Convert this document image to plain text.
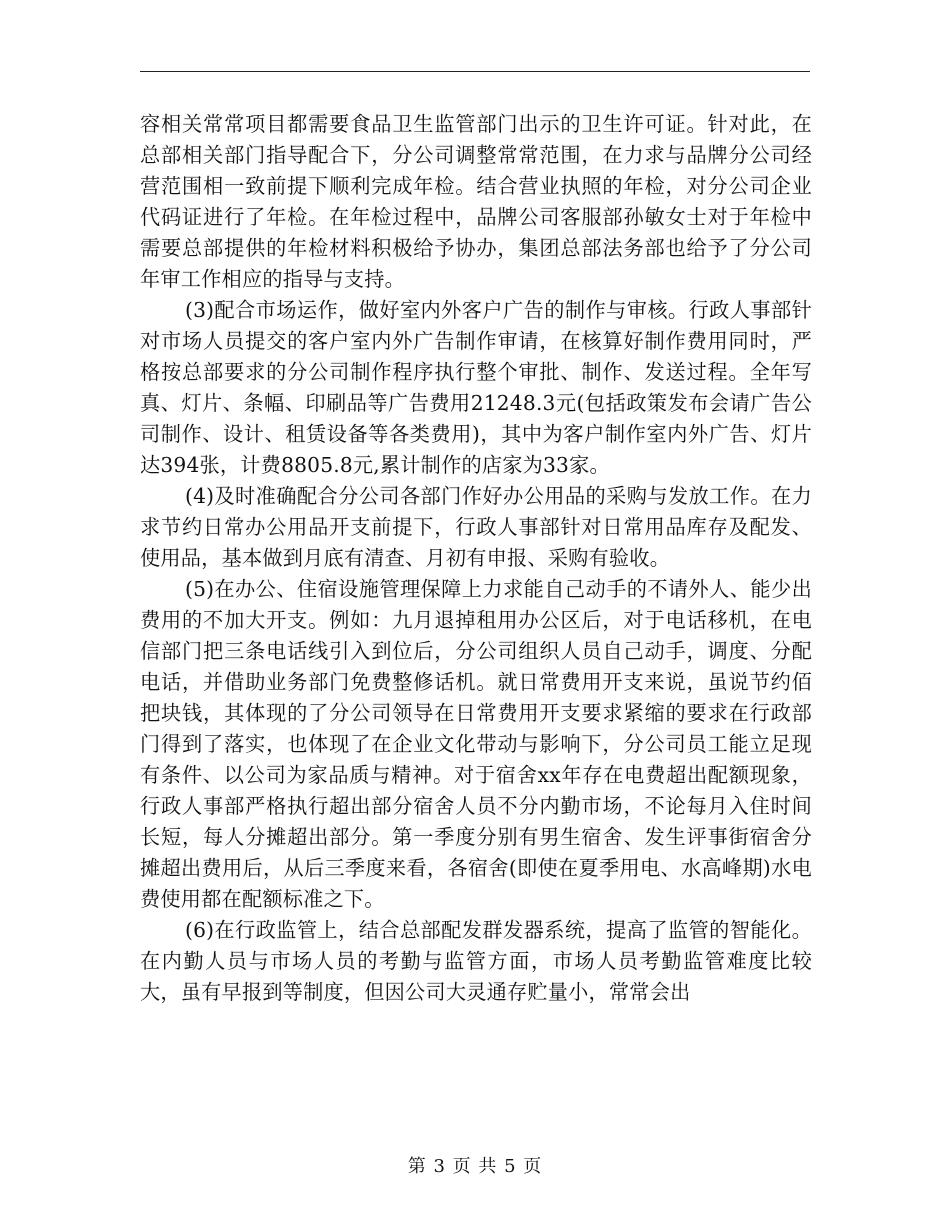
容相关常常项目都需要食品卫生监管部门出示的卫生许可证。针对此，在总部相关部门指导配合下，分公司调整常常范围，在力求与品牌分公司经营范围相一致前提下顺利完成年检。结合营业执照的年检，对分公司企业代码证进行了年检。在年检过程中，品牌公司客服部孙敏女士对于年检中需要总部提供的年检材料积极给予协办，集团总部法务部也给予了分公司年审工作相应的指导与支持。

(3)配合市场运作，做好室内外客户广告的制作与审核。行政人事部针对市场人员提交的客户室内外广告制作审请，在核算好制作费用同时，严格按总部要求的分公司制作程序执行整个审批、制作、发送过程。全年写真、灯片、条幅、印刷品等广告费用21248.3元(包括政策发布会请广告公司制作、设计、租赁设备等各类费用)，其中为客户制作室内外广告、灯片达394张，计费8805.8元,累计制作的店家为33家。

(4)及时准确配合分公司各部门作好办公用品的采购与发放工作。在力求节约日常办公用品开支前提下，行政人事部针对日常用品库存及配发、使用品，基本做到月底有清查、月初有申报、采购有验收。

(5)在办公、住宿设施管理保障上力求能自己动手的不请外人、能少出费用的不加大开支。例如：九月退掉租用办公区后，对于电话移机，在电信部门把三条电话线引入到位后，分公司组织人员自己动手，调度、分配电话，并借助业务部门免费整修话机。就日常费用开支来说，虽说节约佰把块钱，其体现的了分公司领导在日常费用开支要求紧缩的要求在行政部门得到了落实，也体现了在企业文化带动与影响下，分公司员工能立足现有条件、以公司为家品质与精神。对于宿舍xx年存在电费超出配额现象，行政人事部严格执行超出部分宿舍人员不分内勤市场，不论每月入住时间长短，每人分摊超出部分。第一季度分别有男生宿舍、发生评事街宿舍分摊超出费用后，从后三季度来看，各宿舍(即使在夏季用电、水高峰期)水电费使用都在配额标准之下。

(6)在行政监管上，结合总部配发群发器系统，提高了监管的智能化。在内勤人员与市场人员的考勤与监管方面，市场人员考勤监管难度比较大，虽有早报到等制度，但因公司大灵通存贮量小，常常会出

第 3 页 共 5 页
